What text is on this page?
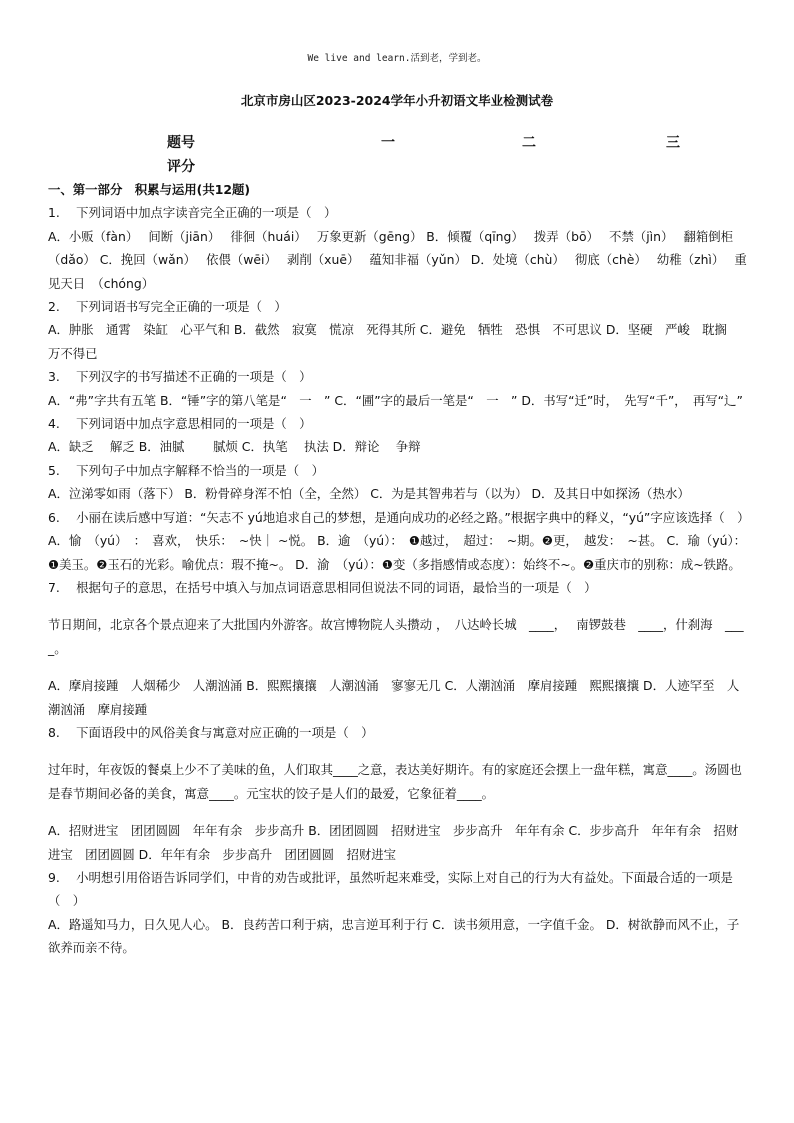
We live and learn.活到老，学到老。
北京市房山区2023-2024学年小升初语文毕业检测试卷
题号
评分
一	二	三

一、第一部分　积累与运用(共12题)

1.　 下列词语中加点字读音完全正确的一项是（　）

A．小贩（fàn）　 间断（jiān）　 徘徊（huái）　 万象更新（gēng） B．倾覆（qīng）　 拨弄（bō）　 不禁（jìn）　 翻箱倒柜（dǎo） C．挽回（wǎn）　 依偎（wēi）　 剥削（xuē）　 蕴知非福（yǔn） D．处境（chù）　 彻底（chè）　 幼稚（zhì）　 重见天日　（chóng）

2.　 下列词语书写完全正确的一项是（　）

A．肿胀　通霄　染缸　心平气和 B．截然　寂寞　慌凉　死得其所 C．避免　牺牲　恐惧　不可思议 D．坚硬　严峻　耽搁　万不得已

3.　 下列汉字的书写描述不正确的一项是（　）

A．“弗”字共有五笔 B．“锤”字的第八笔是“　一　” C．“圃”字的最后一笔是“　一　” D．书写“迁”时，　先写“千”，　再写“辶”

4.　 下列词语中加点字意思相同的一项是（　）

A．缺乏　 解乏 B．油腻　　 腻烦 C．执笔　 执法 D．辩论　 争辩

5.　 下列句子中加点字解释不恰当的一项是（　）

A．泣涕零如雨（落下） B．粉骨碎身浑不怕（全，全然） C．为是其智弗若与（以为） D．及其日中如探汤（热水）

6.　 小丽在读后感中写道：“矢志不 yú地追求自己的梦想，是通向成功的必经之路。”根据字典中的释义，“yú”字应该选择（　）

A．愉　（yú）　：　喜欢，　快乐：　~快｜ ~悦。 B．逾　（yú）：　❶越过，　超过：　~期。❷更，　越发：　~甚。 C．瑜（yú）：❶美玉。❷玉石的光彩。喻优点：瑕不掩~。 D．渝　（yú）：❶变（多指感情或态度）：始终不~。❷重庆市的别称：成~铁路。

7.　 根据句子的意思，在括号中填入与加点词语意思相同但说法不同的词语，最恰当的一项是（　）

节日期间，北京各个景点迎来了大批国内外游客。故宫博物院人头攒动 ，　八达岭长城　____，　 南锣鼓巷　____，什刹海　____。

A．摩肩接踵　人烟稀少　人潮汹涌 B．熙熙攘攘　人潮汹涌　寥寥无几 C．人潮汹涌　摩肩接踵　熙熙攘攘 D．人迹罕至　人潮汹涌　摩肩接踵

8.　 下面语段中的风俗美食与寓意对应正确的一项是（　）

过年时，年夜饭的餐桌上少不了美味的鱼，人们取其____之意，表达美好期许。有的家庭还会摆上一盘年糕，寓意____。汤圆也是春节期间必备的美食，寓意____。元宝状的饺子是人们的最爱，它象征着____。

A．招财进宝　团团圆圆　年年有余　步步高升 B．团团圆圆　招财进宝　步步高升　年年有余 C．步步高升　年年有余　招财进宝　团团圆圆 D．年年有余　步步高升　团团圆圆　招财进宝

9.　 小明想引用俗语告诉同学们，中肯的劝告或批评，虽然听起来难受，实际上对自己的行为大有益处。下面最合适的一项是（　）

A．路遥知马力，日久见人心。 B．良药苦口利于病，忠言逆耳利于行 C．读书须用意，一字值千金。 D．树欲静而风不止，子欲养而亲不待。
